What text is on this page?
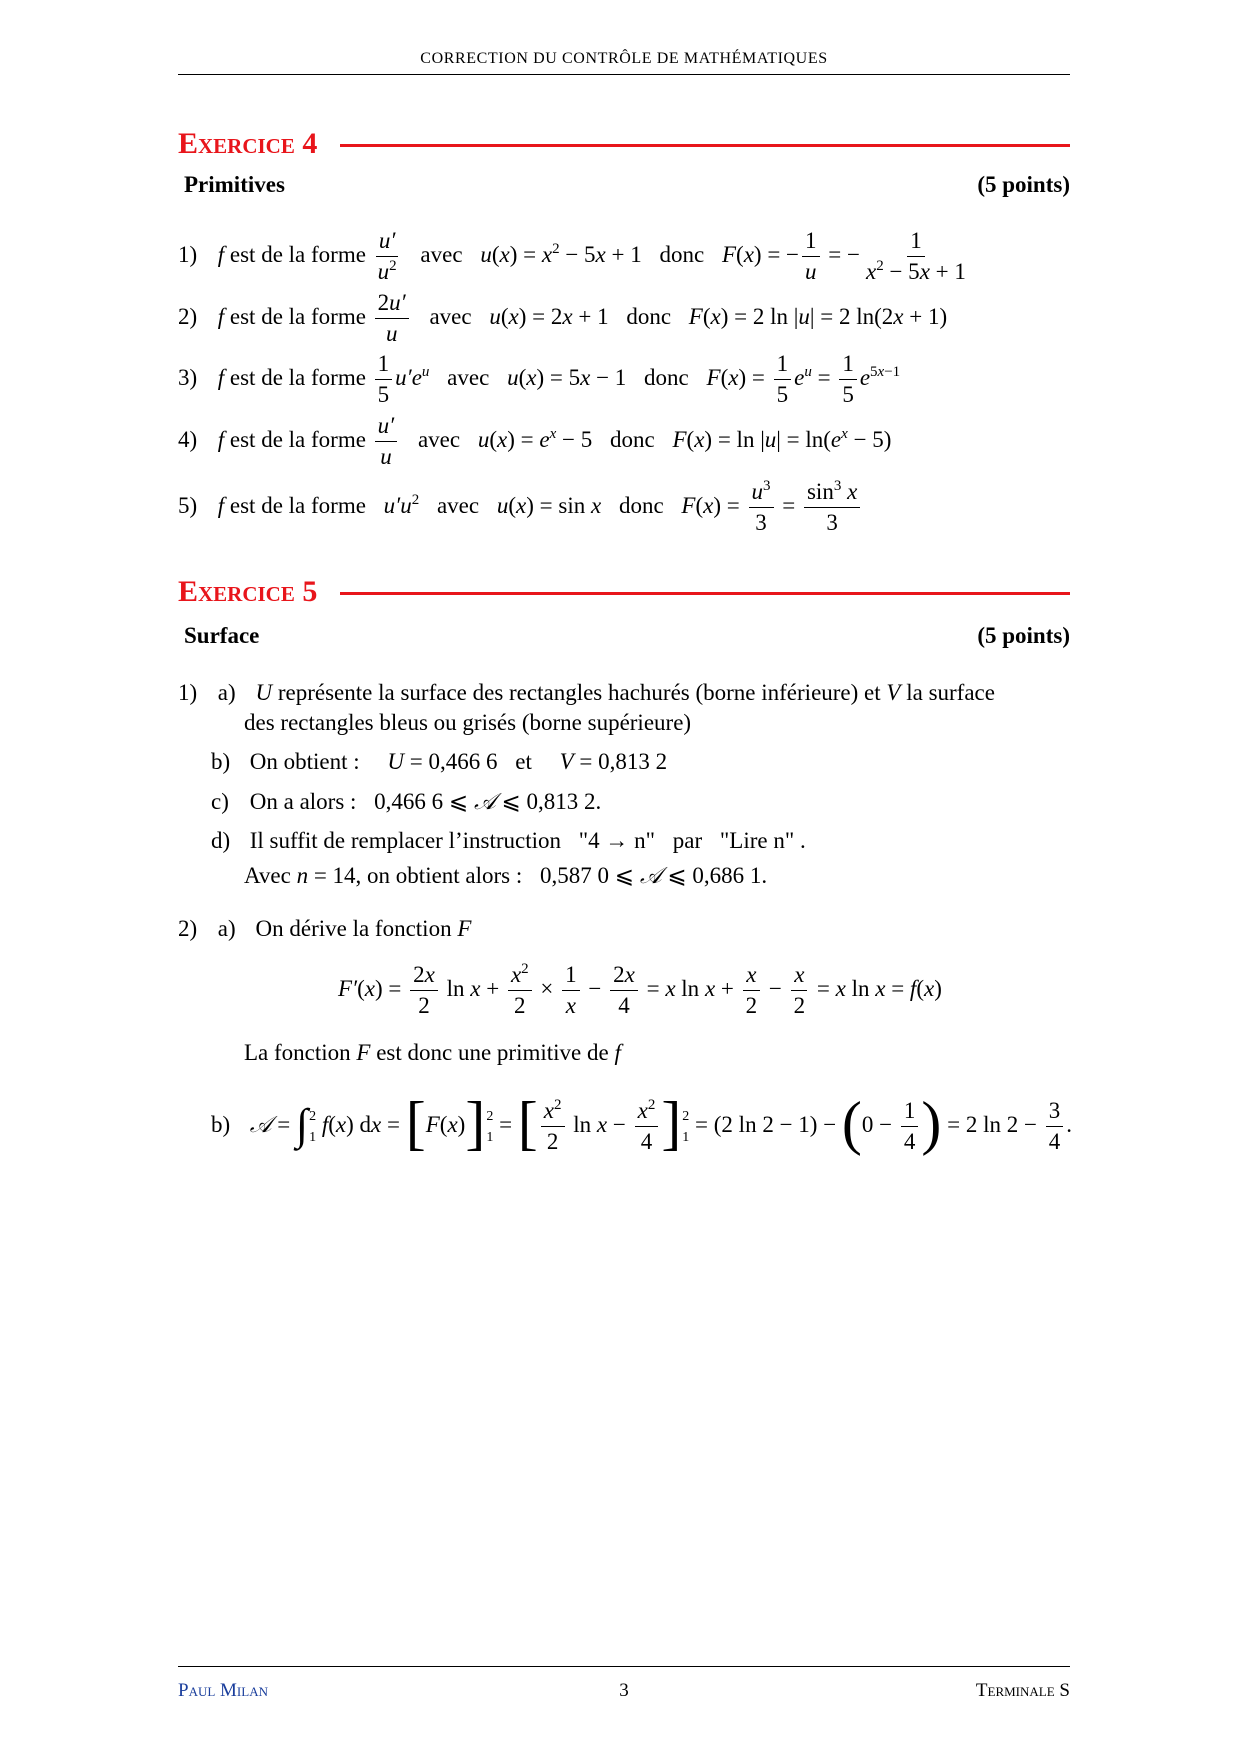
CORRECTION DU CONTRÔLE DE MATHÉMATIQUES
Exercice 4
Primitives	(5 points)
1) f est de la forme $\frac{u'}{u^2}$ avec $u(x) = x^2 - 5x + 1$ donc F(x) = − $\frac{1}{u}$ = − $\frac{1}{x^2 - 5x + 1}$
2) f est de la forme $\frac{2u'}{u}$ avec u(x) = 2x + 1 donc F(x) = 2 ln |u| = 2 ln(2x + 1)
3) f est de la forme $\frac{1}{5} u'e^u$ avec u(x) = 5x − 1 donc $F(x) = \frac{1}{5} e^u = \frac{1}{5} e^{5x-1}$
4) f est de la forme $\frac{u'}{u}$ avec $u(x) = e^x - 5$ donc $F(x) = \ln |u| = \ln(e^x - 5)$
5) f est de la forme $u'u^2$ avec u(x) = sin x donc $F(x) = \frac{u^3}{3} = \frac{\sin^3 x}{3}$
Exercice 5
Surface	(5 points)
1) a) U représente la surface des rectangles hachurés (borne inférieure) et V la surface
des rectangles bleus ou grisés (borne supérieure)
b) On obtient : U = 0,466 6 et V = 0,813 2
c) On a alors : 0,466 6 ⩽ 𝒜 ⩽ 0,813 2.
d) Il suffit de remplacer l’instruction "4 → n" par "Lire n" .
Avec n = 14, on obtient alors : 0,587 0 ⩽ 𝒜 ⩽ 0,686 1.
2) a) On dérive la fonction F
$F'(x) = \frac{2x}{2}$ $\ln x + \frac{x^2}{2} \times \frac{1}{x} - \frac{2x}{4} = x$ $\ln x + \frac{x}{2} - \frac{x}{2} = x$ ln x = f(x)
La fonction F est donc une primitive de f
b) 𝒜 = ∫ 2
1
f(x) dx = [F(x)] 2
1
= [ $\frac{x^2}{2}$ $\ln x - \frac{x^2}{4}$ ] 2
1
= (2 $\ln 2 - 1) - (0 - \frac{1}{4}$ ) = 2 $\ln 2 - \frac{3}{4}$ .
Paul Milan	3	Terminale S
